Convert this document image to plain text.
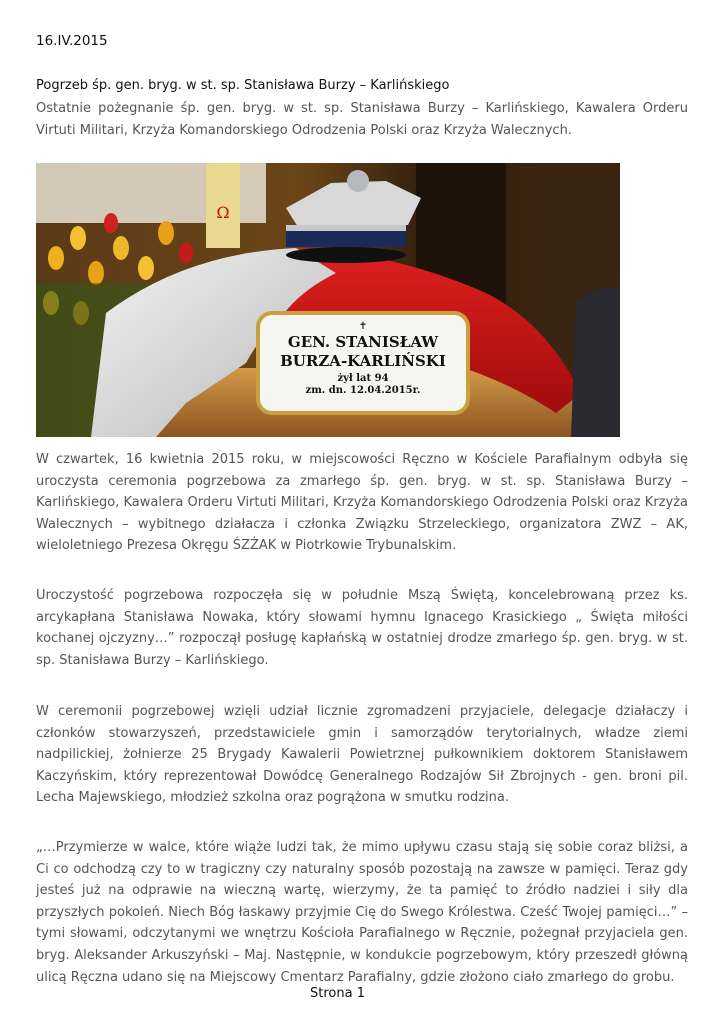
16.IV.2015
Pogrzeb śp. gen. bryg. w st. sp. Stanisława Burzy – Karlińskiego
Ostatnie pożegnanie śp. gen. bryg. w st. sp. Stanisława Burzy – Karlińskiego, Kawalera Orderu Virtuti Militari, Krzyża Komandorskiego Odrodzenia Polski oraz Krzyża Walecznych.
Ω
✝
GEN. STANISŁAW
BURZA-KARLIŃSKI
żył lat 94
zm. dn. 12.04.2015r.

W czwartek, 16 kwietnia 2015 roku, w miejscowości Ręczno w Kościele Parafialnym odbyła się uroczysta ceremonia pogrzebowa za zmarłego śp. gen. bryg. w st. sp. Stanisława Burzy – Karlińskiego, Kawalera Orderu Virtuti Militari, Krzyża Komandorskiego Odrodzenia Polski oraz Krzyża Walecznych – wybitnego działacza i członka Związku Strzeleckiego, organizatora ZWZ – AK, wieloletniego Prezesa Okręgu ŚZŻAK w Piotrkowie Trybunalskim.

Uroczystość pogrzebowa rozpoczęła się w południe Mszą Świętą, koncelebrowaną przez ks. arcykapłana Stanisława Nowaka, który słowami hymnu Ignacego Krasickiego „ Święta miłości kochanej ojczyzny…” rozpoczął posługę kapłańską w ostatniej drodze zmarłego śp. gen. bryg. w st. sp. Stanisława Burzy – Karlińskiego.

W ceremonii pogrzebowej wzięli udział licznie zgromadzeni przyjaciele, delegacje działaczy i członków stowarzyszeń, przedstawiciele gmin i samorządów terytorialnych, władze ziemi nadpilickiej, żołnierze 25 Brygady Kawalerii Powietrznej pułkownikiem doktorem Stanisławem Kaczyńskim, który reprezentował Dowódcę Generalnego Rodzajów Sił Zbrojnych - gen. broni pil. Lecha Majewskiego, młodzież szkolna oraz pogrążona w smutku rodzina.

„…Przymierze w walce, które wiąże ludzi tak, że mimo upływu czasu stają się sobie coraz bliżsi, a Ci co odchodzą czy to w tragiczny czy naturalny sposób pozostają na zawsze w pamięci. Teraz gdy jesteś już na odprawie na wieczną wartę, wierzymy, że ta pamięć to źródło nadziei i siły dla przyszłych pokoleń. Niech Bóg łaskawy przyjmie Cię do Swego Królestwa. Cześć Twojej pamięci…” – tymi słowami, odczytanymi we wnętrzu Kościoła Parafialnego w Ręcznie, pożegnał przyjaciela gen. bryg. Aleksander Arkuszyński – Maj. Następnie, w kondukcie pogrzebowym, który przeszedł główną ulicą Ręczna udano się na Miejscowy Cmentarz Parafialny, gdzie złożono ciało zmarłego do grobu.

Strona 1
